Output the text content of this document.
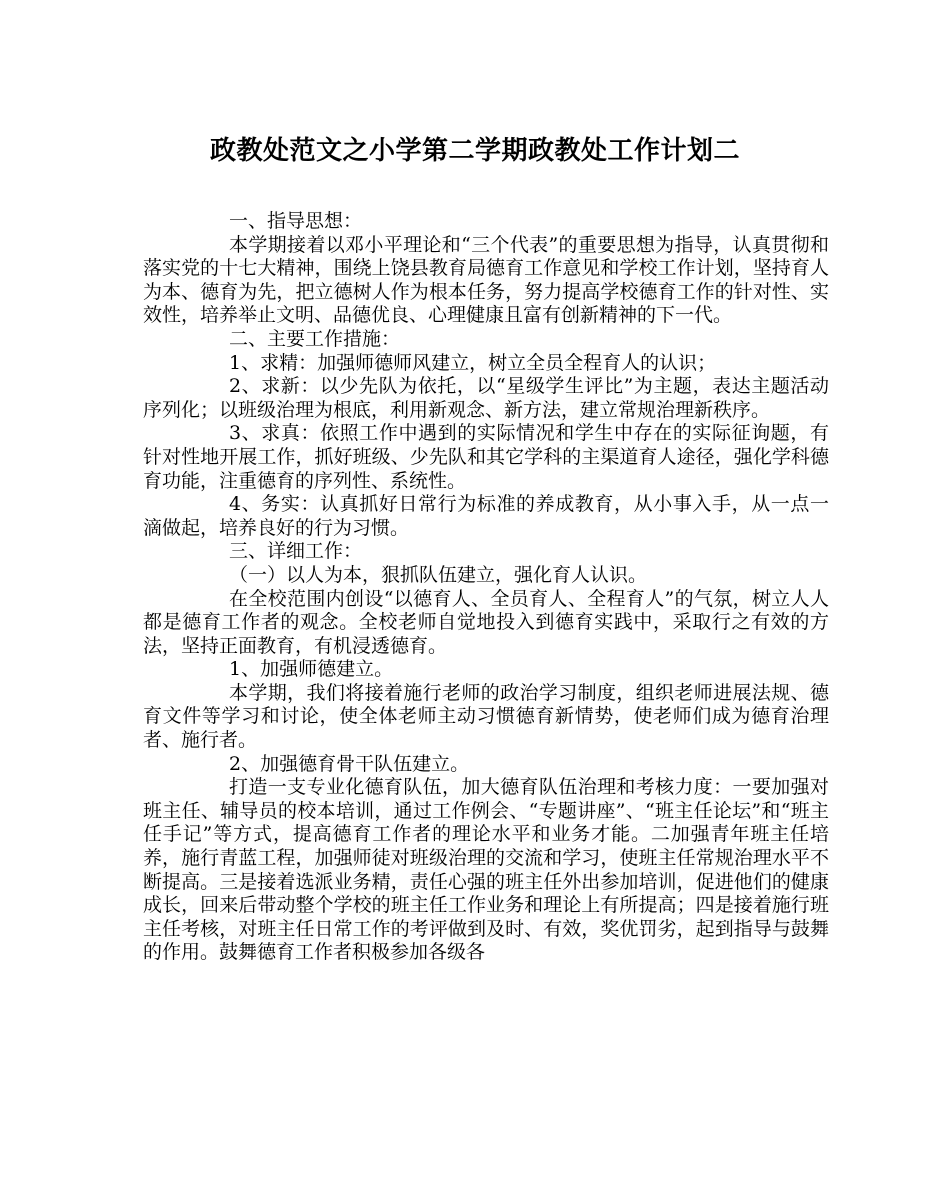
政教处范文之小学第二学期政教处工作计划二

一、指导思想：

本学期接着以邓小平理论和“三个代表”的重要思想为指导，认真贯彻和落实党的十七大精神，围绕上饶县教育局德育工作意见和学校工作计划，坚持育人为本、德育为先，把立德树人作为根本任务，努力提高学校德育工作的针对性、实效性，培养举止文明、品德优良、心理健康且富有创新精神的下一代。

二、主要工作措施：

1、求精：加强师德师风建立，树立全员全程育人的认识；

2、求新：以少先队为依托，以“星级学生评比”为主题，表达主题活动序列化；以班级治理为根底，利用新观念、新方法，建立常规治理新秩序。

3、求真：依照工作中遇到的实际情况和学生中存在的实际征询题，有针对性地开展工作，抓好班级、少先队和其它学科的主渠道育人途径，强化学科德育功能，注重德育的序列性、系统性。

4、务实：认真抓好日常行为标准的养成教育，从小事入手，从一点一滴做起，培养良好的行为习惯。

三、详细工作：

（一）以人为本，狠抓队伍建立，强化育人认识。

在全校范围内创设“以德育人、全员育人、全程育人”的气氛，树立人人都是德育工作者的观念。全校老师自觉地投入到德育实践中，采取行之有效的方法，坚持正面教育，有机浸透德育。

1、加强师德建立。

本学期，我们将接着施行老师的政治学习制度，组织老师进展法规、德育文件等学习和讨论，使全体老师主动习惯德育新情势，使老师们成为德育治理者、施行者。

2、加强德育骨干队伍建立。

打造一支专业化德育队伍，加大德育队伍治理和考核力度：一要加强对班主任、辅导员的校本培训，通过工作例会、“专题讲座”、“班主任论坛”和“班主任手记”等方式，提高德育工作者的理论水平和业务才能。二加强青年班主任培养，施行青蓝工程，加强师徒对班级治理的交流和学习，使班主任常规治理水平不断提高。三是接着选派业务精，责任心强的班主任外出参加培训，促进他们的健康成长，回来后带动整个学校的班主任工作业务和理论上有所提高；四是接着施行班主任考核，对班主任日常工作的考评做到及时、有效，奖优罚劣，起到指导与鼓舞的作用。鼓舞德育工作者积极参加各级各
